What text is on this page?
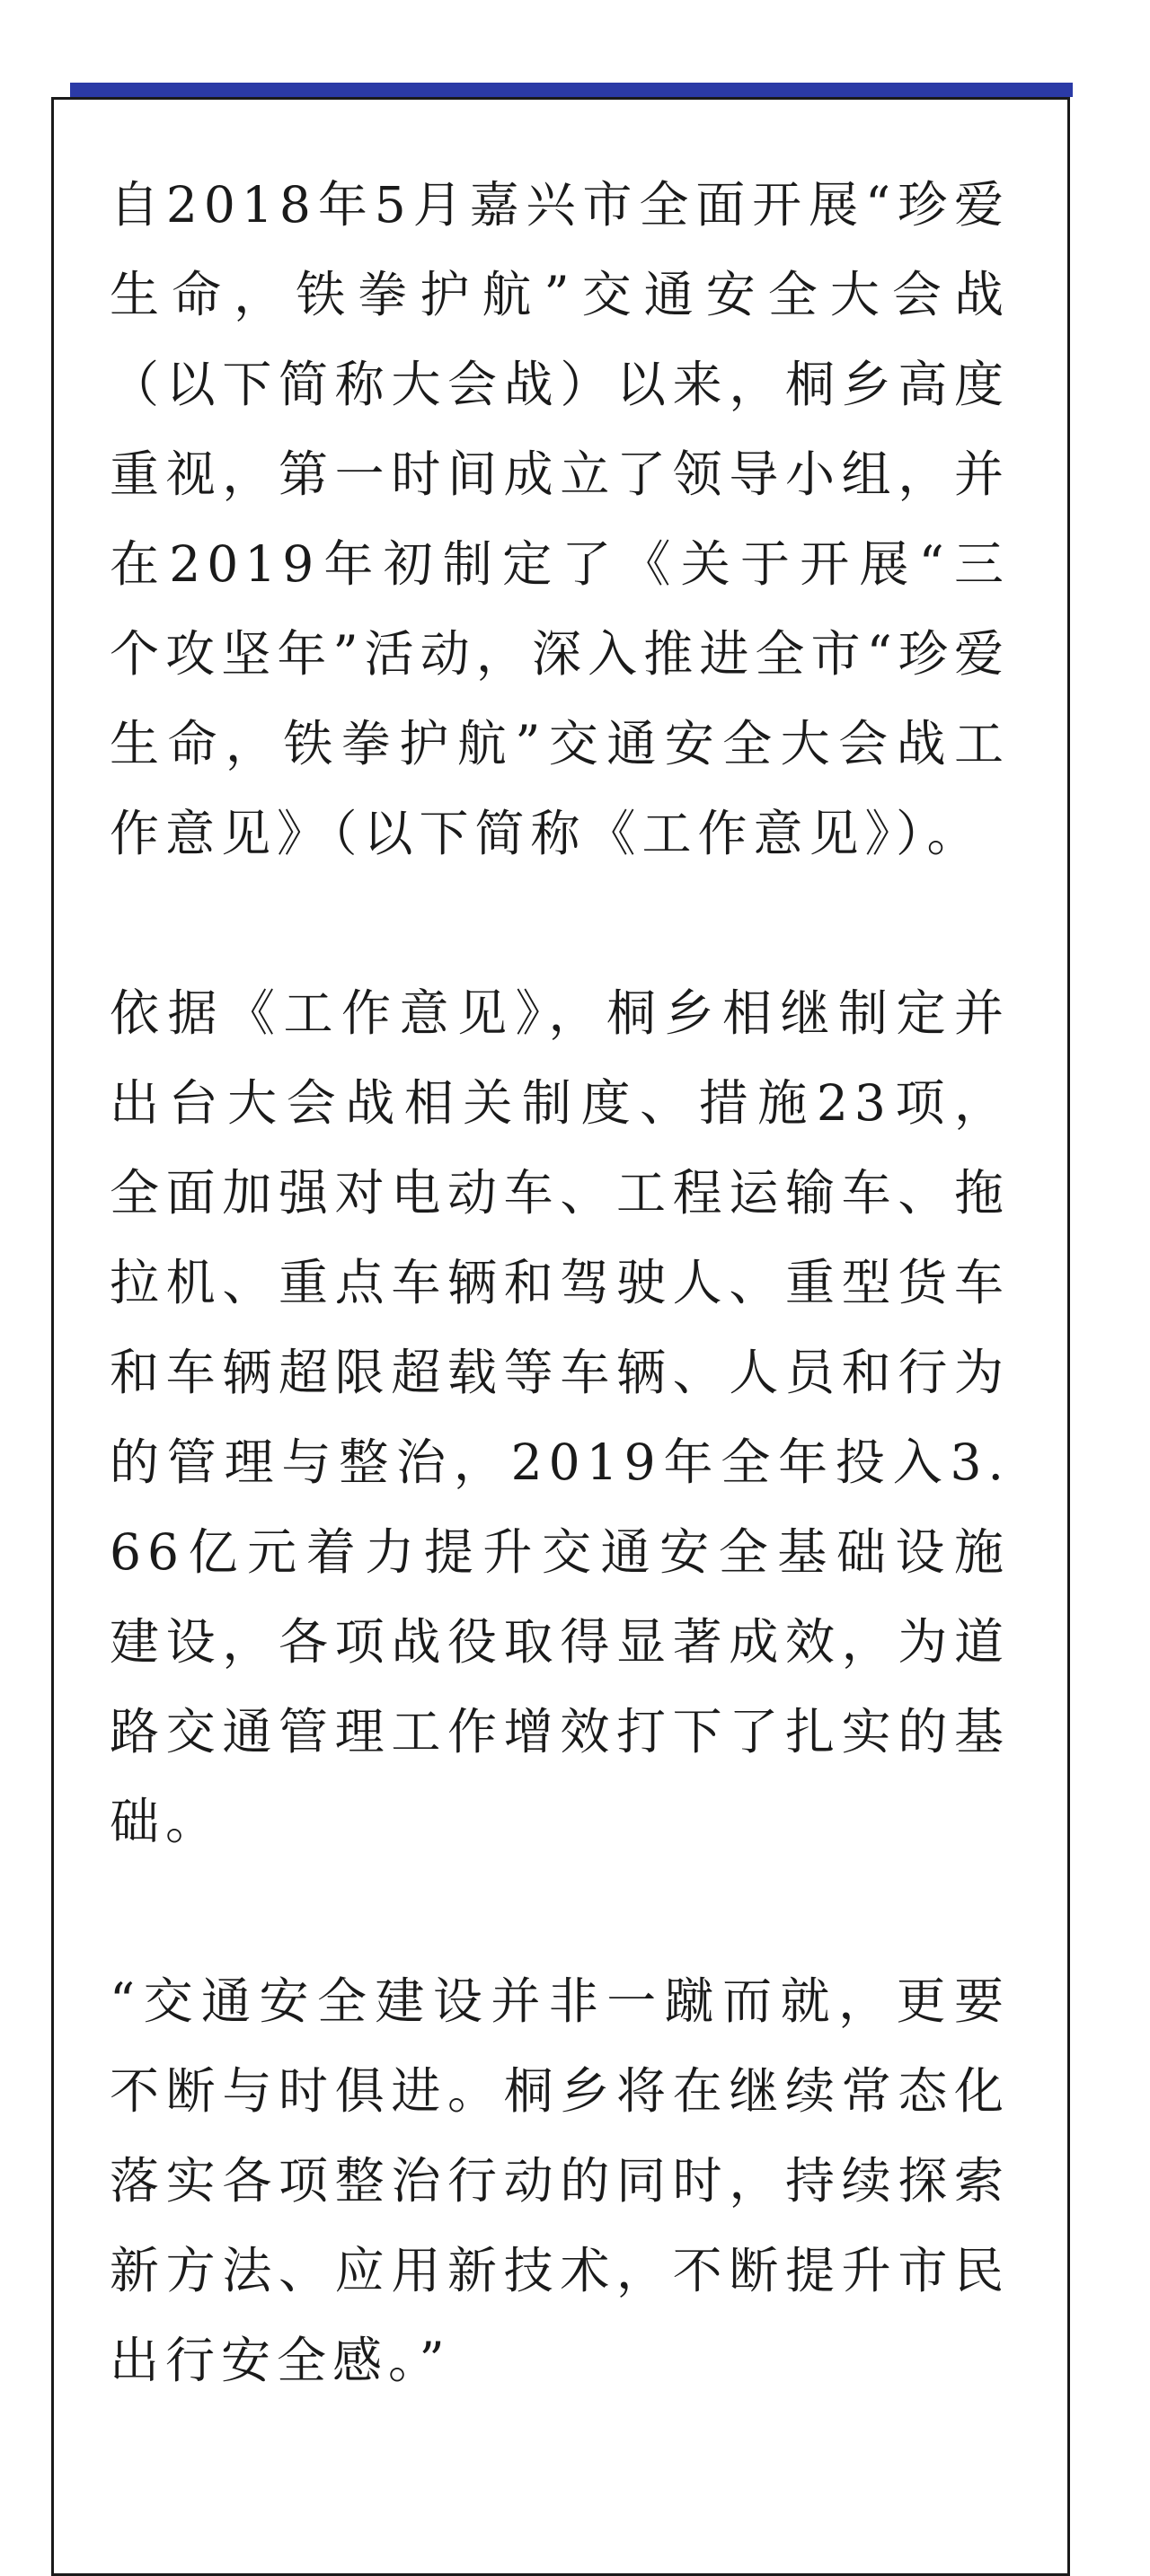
自2018年5月嘉兴市全面开展“珍爱生命，铁拳护航”交通安全大会战（以下简称大会战）以来，桐乡高度重视，第一时间成立了领导小组，并在2019年初制定了《关于开展“三个攻坚年”活动，深入推进全市“珍爱生命，铁拳护航”交通安全大会战工作意见》（以下简称《工作意见》）。

依据《工作意见》，桐乡相继制定并出台大会战相关制度、措施23项，全面加强对电动车、工程运输车、拖拉机、重点车辆和驾驶人、重型货车和车辆超限超载等车辆、人员和行为的管理与整治，2019年全年投入3.66亿元着力提升交通安全基础设施建设，各项战役取得显著成效，为道路交通管理工作增效打下了扎实的基础。

“交通安全建设并非一蹴而就，更要不断与时俱进。桐乡将在继续常态化落实各项整治行动的同时，持续探索新方法、应用新技术，不断提升市民出行安全感。”
